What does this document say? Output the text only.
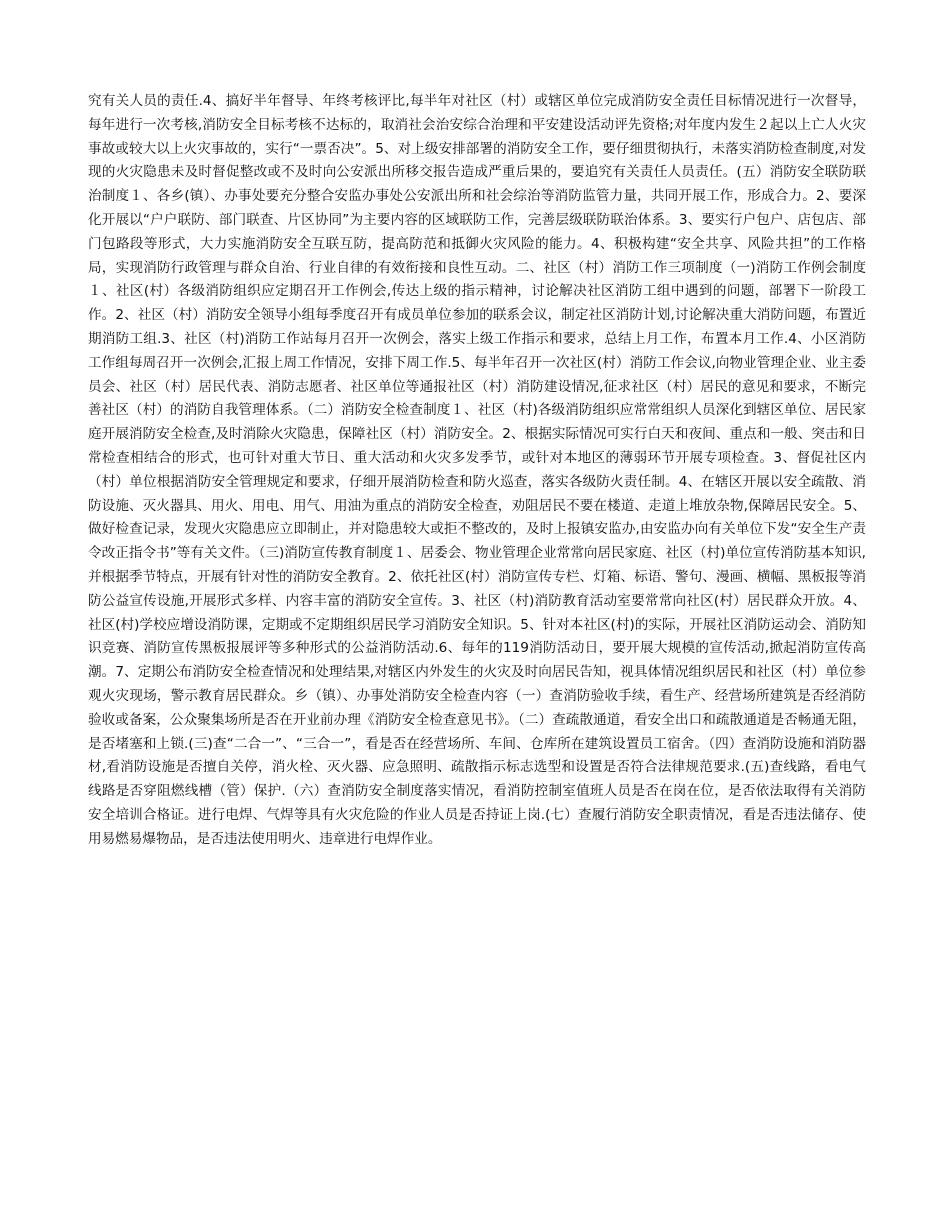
究有关人员的责任.4、搞好半年督导、年终考核评比,每半年对社区（村）或辖区单位完成消防安全责任目标情况进行一次督导，每年进行一次考核,消防安全目标考核不达标的，取消社会治安综合治理和平安建设活动评先资格;对年度内发生２起以上亡人火灾事故或较大以上火灾事故的，实行“一票否决”。5、对上级安排部署的消防安全工作，要仔细贯彻执行，未落实消防检查制度,对发现的火灾隐患未及时督促整改或不及时向公安派出所移交报告造成严重后果的，要追究有关责任人员责任。(五）消防安全联防联治制度１、各乡(镇）、办事处要充分整合安监办事处公安派出所和社会综治等消防监管力量，共同开展工作，形成合力。2、要深化开展以“户户联防、部门联查、片区协同”为主要内容的区域联防工作，完善层级联防联治体系。3、要实行户包户、店包店、部门包路段等形式，大力实施消防安全互联互防，提高防范和抵御火灾风险的能力。4、积极构建“安全共享、风险共担”的工作格局，实现消防行政管理与群众自治、行业自律的有效衔接和良性互动。二、社区（村）消防工作三项制度（一)消防工作例会制度１、社区(村）各级消防组织应定期召开工作例会,传达上级的指示精神，讨论解决社区消防工组中遇到的问题，部署下一阶段工作。2、社区（村）消防安全领导小组每季度召开有成员单位参加的联系会议，制定社区消防计划,讨论解决重大消防问题，布置近期消防工组.3、社区（村)消防工作站每月召开一次例会，落实上级工作指示和要求，总结上月工作，布置本月工作.4、小区消防工作组每周召开一次例会,汇报上周工作情况，安排下周工作.5、每半年召开一次社区(村）消防工作会议,向物业管理企业、业主委员会、社区（村）居民代表、消防志愿者、社区单位等通报社区（村）消防建设情况,征求社区（村）居民的意见和要求，不断完善社区（村）的消防自我管理体系。（二）消防安全检查制度１、社区（村)各级消防组织应常常组织人员深化到辖区单位、居民家庭开展消防安全检查,及时消除火灾隐患，保障社区（村）消防安全。2、根据实际情况可实行白天和夜间、重点和一般、突击和日常检查相结合的形式，也可针对重大节日、重大活动和火灾多发季节，或针对本地区的薄弱环节开展专项检查。3、督促社区内（村）单位根据消防安全管理规定和要求，仔细开展消防检查和防火巡查，落实各级防火责任制。4、在辖区开展以安全疏散、消防设施、灭火器具、用火、用电、用气、用油为重点的消防安全检查，劝阻居民不要在楼道、走道上堆放杂物,保障居民安全。5、做好检查记录，发现火灾隐患应立即制止，并对隐患较大或拒不整改的，及时上报镇安监办,由安监办向有关单位下发“安全生产责令改正指令书”等有关文件。（三)消防宣传教育制度１、居委会、物业管理企业常常向居民家庭、社区（村)单位宣传消防基本知识,并根据季节特点，开展有针对性的消防安全教育。2、依托社区(村）消防宣传专栏、灯箱、标语、警句、漫画、横幅、黑板报等消防公益宣传设施,开展形式多样、内容丰富的消防安全宣传。3、社区（村)消防教育活动室要常常向社区(村）居民群众开放。4、社区(村)学校应增设消防课，定期或不定期组织居民学习消防安全知识。5、针对本社区(村)的实际，开展社区消防运动会、消防知识竞赛、消防宣传黑板报展评等多种形式的公益消防活动.6、每年的119消防活动日，要开展大规模的宣传活动,掀起消防宣传高潮。7、定期公布消防安全检查情况和处理结果,对辖区内外发生的火灾及时向居民告知，视具体情况组织居民和社区（村）单位参观火灾现场，警示教育居民群众。乡（镇）、办事处消防安全检查内容（一）查消防验收手续，看生产、经营场所建筑是否经消防验收或备案，公众聚集场所是否在开业前办理《消防安全检查意见书》。（二）查疏散通道，看安全出口和疏散通道是否畅通无阻，是否堵塞和上锁.(三)查“二合一”、“三合一”，看是否在经营场所、车间、仓库所在建筑设置员工宿舍。（四）查消防设施和消防器材,看消防设施是否擅自关停，消火栓、灭火器、应急照明、疏散指示标志选型和设置是否符合法律规范要求.(五)查线路，看电气线路是否穿阻燃线槽（管）保护.（六）查消防安全制度落实情况，看消防控制室值班人员是否在岗在位，是否依法取得有关消防安全培训合格证。进行电焊、气焊等具有火灾危险的作业人员是否持证上岗.(七）查履行消防安全职责情况，看是否违法储存、使用易燃易爆物品，是否违法使用明火、违章进行电焊作业。
